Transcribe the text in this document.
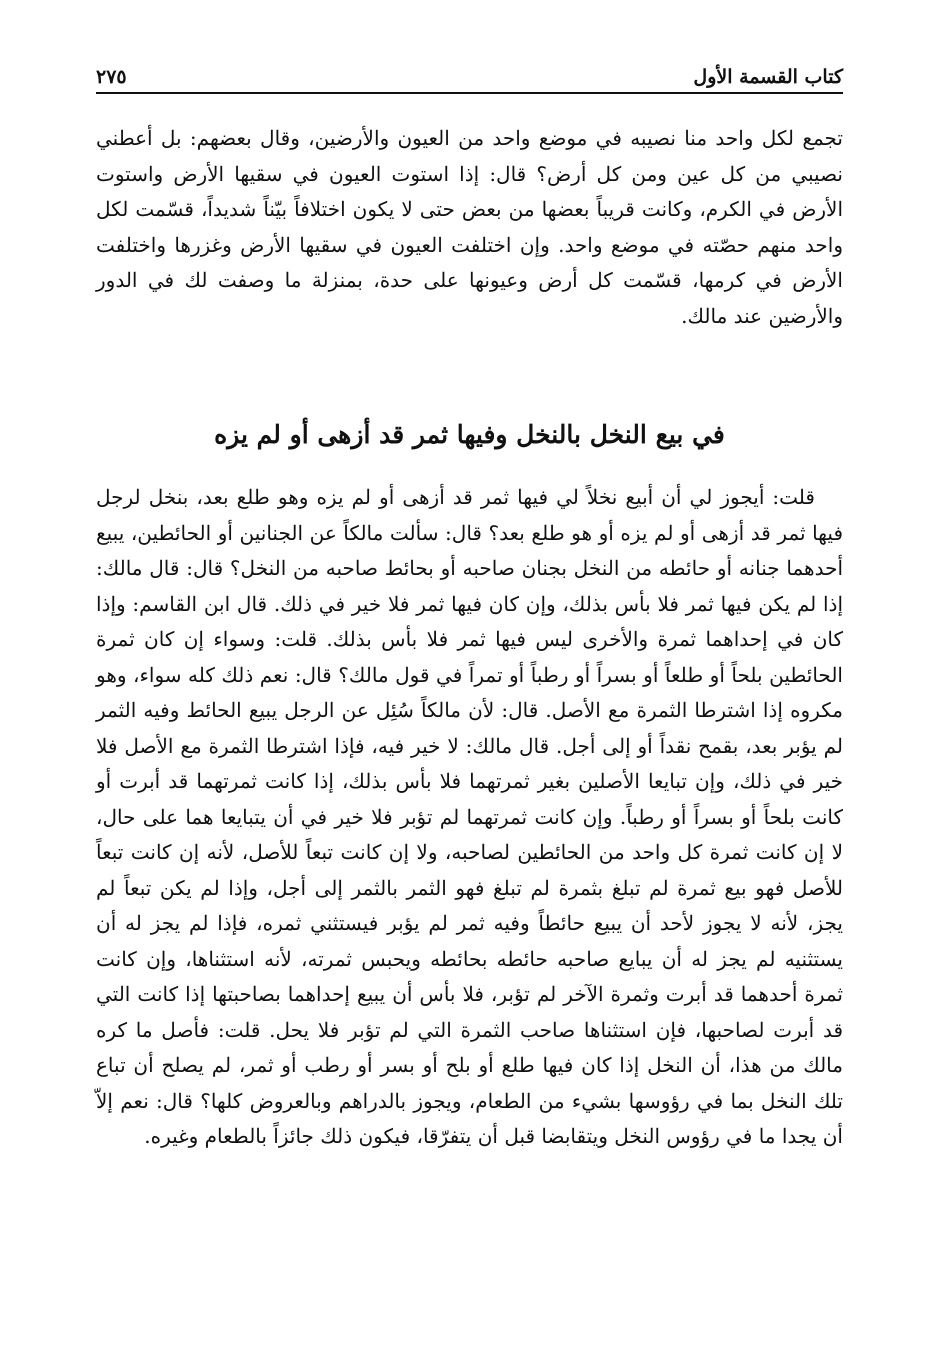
كتاب القسمة الأول
٢٧٥

تجمع لكل واحد منا نصيبه في موضع واحد من العيون والأرضين، وقال بعضهم: بل أعطني نصيبي من كل عين ومن كل أرض؟ قال: إذا استوت العيون في سقيها الأرض واستوت الأرض في الكرم، وكانت قريباً بعضها من بعض حتى لا يكون اختلافاً بيّناً شديداً، قسّمت لكل واحد منهم حصّته في موضع واحد. وإن اختلفت العيون في سقيها الأرض وغزرها واختلفت الأرض في كرمها، قسّمت كل أرض وعيونها على حدة، بمنزلة ما وصفت لك في الدور والأرضين عند مالك.

في بيع النخل بالنخل وفيها ثمر قد أزهى أو لم يزه

قلت: أيجوز لي أن أبيع نخلاً لي فيها ثمر قد أزهى أو لم يزه وهو طلع بعد، بنخل لرجل فيها ثمر قد أزهى أو لم يزه أو هو طلع بعد؟ قال: سألت مالكاً عن الجنانين أو الحائطين، يبيع أحدهما جنانه أو حائطه من النخل بجنان صاحبه أو بحائط صاحبه من النخل؟ قال: قال مالك: إذا لم يكن فيها ثمر فلا بأس بذلك، وإن كان فيها ثمر فلا خير في ذلك. قال ابن القاسم: وإذا كان في إحداهما ثمرة والأخرى ليس فيها ثمر فلا بأس بذلك. قلت: وسواء إن كان ثمرة الحائطين بلحاً أو طلعاً أو بسراً أو رطباً أو تمراً في قول مالك؟ قال: نعم ذلك كله سواء، وهو مكروه إذا اشترطا الثمرة مع الأصل. قال: لأن مالكاً سُئِل عن الرجل يبيع الحائط وفيه الثمر لم يؤبر بعد، بقمح نقداً أو إلى أجل. قال مالك: لا خير فيه، فإذا اشترطا الثمرة مع الأصل فلا خير في ذلك، وإن تبايعا الأصلين بغير ثمرتهما فلا بأس بذلك، إذا كانت ثمرتهما قد أبرت أو كانت بلحاً أو بسراً أو رطباً. وإن كانت ثمرتهما لم تؤبر فلا خير في أن يتبايعا هما على حال، لا إن كانت ثمرة كل واحد من الحائطين لصاحبه، ولا إن كانت تبعاً للأصل، لأنه إن كانت تبعاً للأصل فهو بيع ثمرة لم تبلغ بثمرة لم تبلغ فهو الثمر بالثمر إلى أجل، وإذا لم يكن تبعاً لم يجز، لأنه لا يجوز لأحد أن يبيع حائطاً وفيه ثمر لم يؤبر فيستثني ثمره، فإذا لم يجز له أن يستثنيه لم يجز له أن يبايع صاحبه حائطه بحائطه ويحبس ثمرته، لأنه استثناها، وإن كانت ثمرة أحدهما قد أبرت وثمرة الآخر لم تؤبر، فلا بأس أن يبيع إحداهما بصاحبتها إذا كانت التي قد أبرت لصاحبها، فإن استثناها صاحب الثمرة التي لم تؤبر فلا يحل. قلت: فأصل ما كره مالك من هذا، أن النخل إذا كان فيها طلع أو بلح أو بسر أو رطب أو ثمر، لم يصلح أن تباع تلك النخل بما في رؤوسها بشيء من الطعام، ويجوز بالدراهم وبالعروض كلها؟ قال: نعم إلاّ أن يجدا ما في رؤوس النخل ويتقابضا قبل أن يتفرّقا، فيكون ذلك جائزاً بالطعام وغيره.
